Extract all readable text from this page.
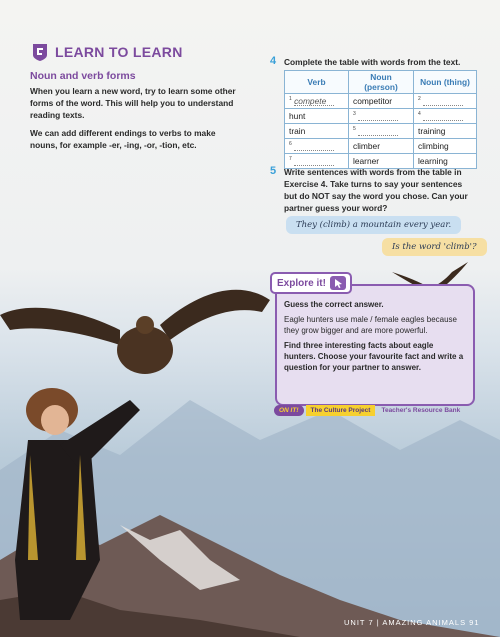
LEARN TO LEARN
Noun and verb forms

When you learn a new word, try to learn some other forms of the word. This will help you to understand reading texts.

We can add different endings to verbs to make nouns, for example -er, -ing, -or, -tion, etc.

4 Complete the table with words from the text.
Verb	Noun (person)	Noun (thing)
$^1$ compete	competitor	$^2$
hunt	$^3$	$^4$
train	$^5$	training
$^6$	climber	climbing
$^7$	learner	learning
5 Write sentences with words from the table in Exercise 4. Take turns to say your sentences but do NOT say the word you chose. Can your partner guess your word?
They (climb) a mountain every year.
Is the word 'climb'?
Explore it!

Guess the correct answer.

Eagle hunters use male / female eagles because they grow bigger and are more powerful.

Find three interesting facts about eagle hunters. Choose your favourite fact and write a question for your partner to answer.

ON IT!	The Culture Project	Teacher's Resource Bank
UNIT 7 | AMAZING ANIMALS 91
